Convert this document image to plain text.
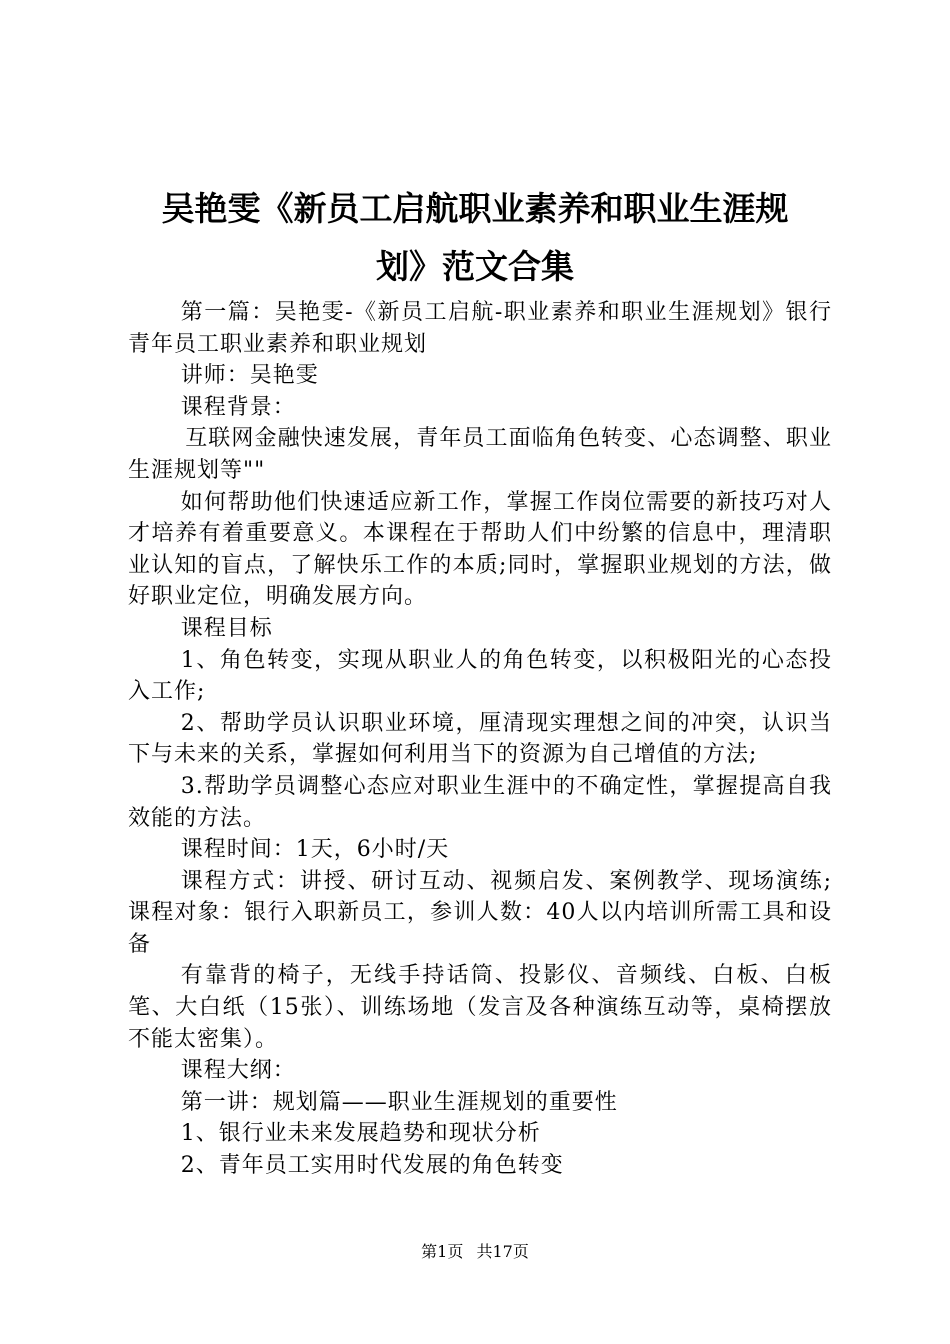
吴艳雯《新员工启航职业素养和职业生涯规
划》范文合集

第一篇：吴艳雯-《新员工启航-职业素养和职业生涯规划》银行青年员工职业素养和职业规划

讲师：吴艳雯

课程背景：

互联网金融快速发展，青年员工面临角色转变、心态调整、职业生涯规划等""

如何帮助他们快速适应新工作，掌握工作岗位需要的新技巧对人才培养有着重要意义。本课程在于帮助人们中纷繁的信息中，理清职业认知的盲点，了解快乐工作的本质;同时，掌握职业规划的方法，做好职业定位，明确发展方向。

课程目标

1、角色转变，实现从职业人的角色转变，以积极阳光的心态投入工作;

2、帮助学员认识职业环境，厘清现实理想之间的冲突，认识当下与未来的关系，掌握如何利用当下的资源为自己增值的方法;

3.帮助学员调整心态应对职业生涯中的不确定性，掌握提高自我效能的方法。

课程时间：1天，6小时/天

课程方式：讲授、研讨互动、视频启发、案例教学、现场演练;课程对象：银行入职新员工，参训人数：40人以内培训所需工具和设备

有靠背的椅子，无线手持话筒、投影仪、音频线、白板、白板笔、大白纸（15张）、训练场地（发言及各种演练互动等，桌椅摆放不能太密集）。

课程大纲：

第一讲：规划篇——职业生涯规划的重要性

1、银行业未来发展趋势和现状分析

2、青年员工实用时代发展的角色转变

第1页 共17页
